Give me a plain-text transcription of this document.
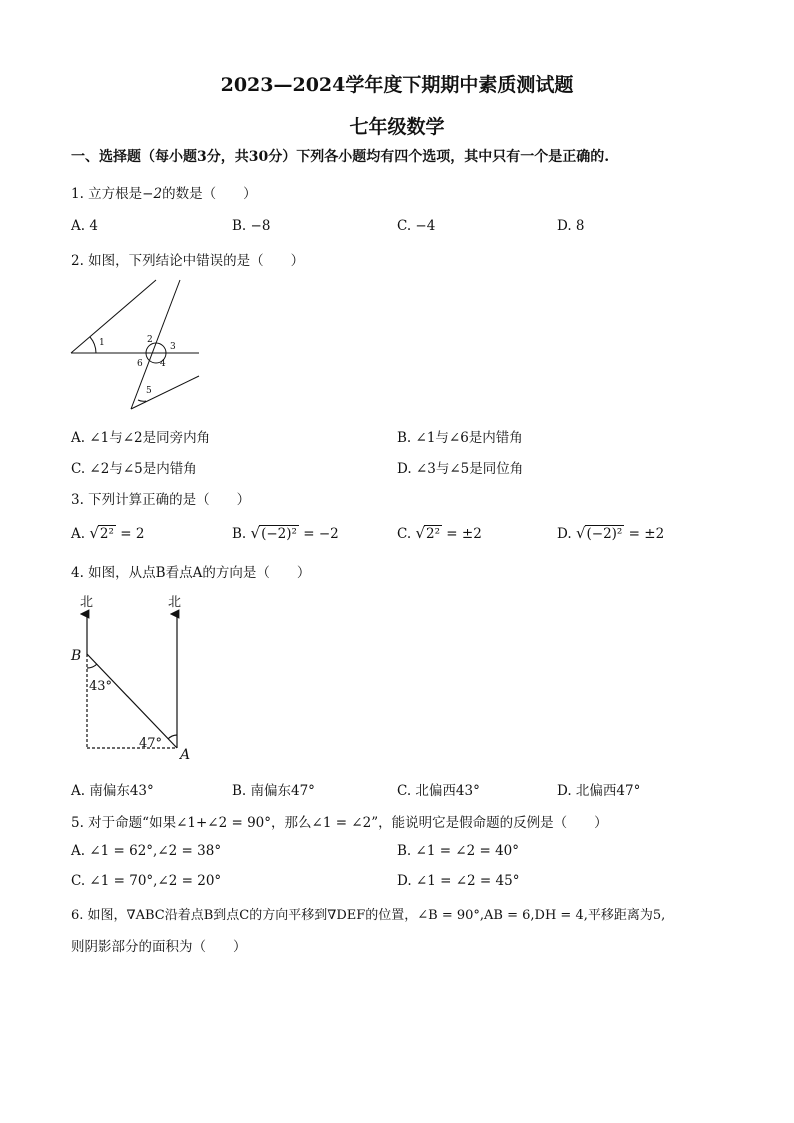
2023—2024学年度下期期中素质测试题
七年级数学
一、选择题（每小题3分，共30分）下列各小题均有四个选项，其中只有一个是正确的.
1. 立方根是−2的数是（　　）
A. 4	B. −8	C. −4	D. 8
2. 如图，下列结论中错误的是（　　）
1	2
3
6 4
5
A. ∠1与∠2是同旁内角	B. ∠1与∠6是内错角
C. ∠2与∠5是内错角	D. ∠3与∠5是同位角
3. 下列计算正确的是（　　）
A. √2² = 2	B. √(−2)² = −2	C. √2² = ±2	D. √(−2)² = ±2
4. 如图，从点B看点A的方向是（　　）
北	北
B
A
43°
47°
A. 南偏东43°	B. 南偏东47°	C. 北偏西43°	D. 北偏西47°
5. 对于命题“如果∠1+∠2 = 90°，那么∠1 = ∠2”，能说明它是假命题的反例是（　　）
A. ∠1 = 62°,∠2 = 38°	B. ∠1 = ∠2 = 40°
C. ∠1 = 70°,∠2 = 20°	D. ∠1 = ∠2 = 45°
6. 如图，∇ABC沿着点B到点C的方向平移到∇DEF的位置，∠B = 90°,AB = 6,DH = 4,平移距离为5,
则阴影部分的面积为（　　）
